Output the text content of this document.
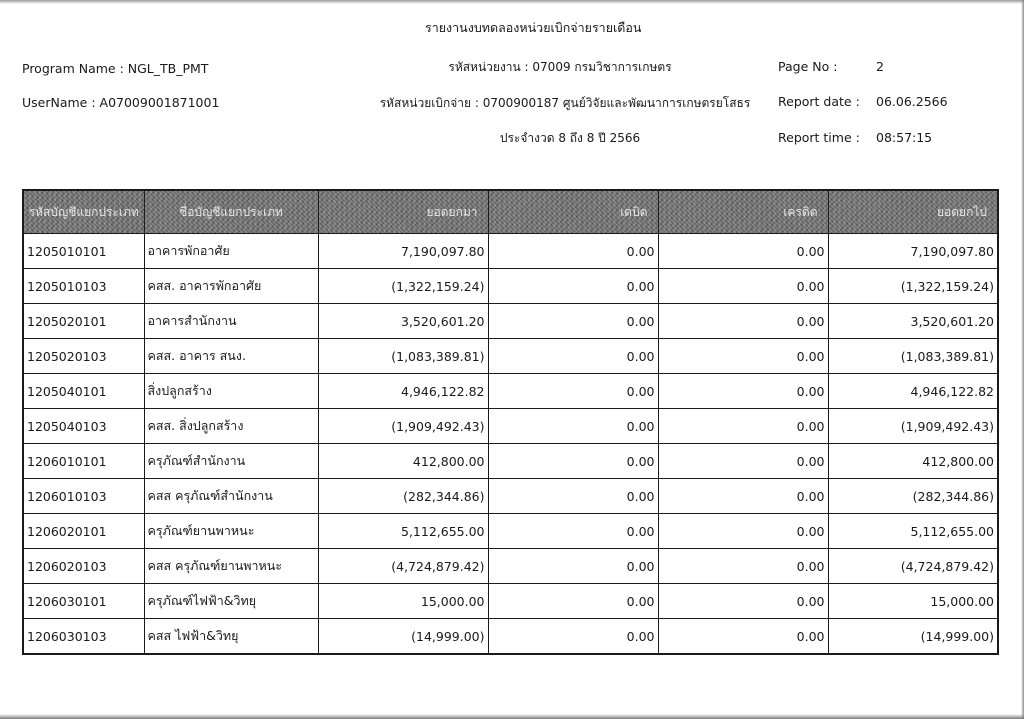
รายงานงบทดลองหน่วยเบิกจ่ายรายเดือน
รหัสหน่วยงาน : 07009 กรมวิชาการเกษตร
รหัสหน่วยเบิกจ่าย : 0700900187 ศูนย์วิจัยและพัฒนาการเกษตรยโสธร
ประจำงวด 8 ถึง 8 ปี 2566
Program Name : NGL_TB_PMT
UserName : A07009001871001
Page No :	2
Report date : 06.06.2566
Report time : 08:57:15
รหัสบัญชีแยกประเภท	ชื่อบัญชีแยกประเภท	ยอดยกมา	เดบิต	เครดิต	ยอดยกไป
1205010101	อาคารพักอาศัย	7,190,097.80	0.00	0.00	7,190,097.80
1205010103	คสส. อาคารพักอาศัย	(1,322,159.24)	0.00	0.00	(1,322,159.24)
1205020101	อาคารสำนักงาน	3,520,601.20	0.00	0.00	3,520,601.20
1205020103	คสส. อาคาร สนง.	(1,083,389.81)	0.00	0.00	(1,083,389.81)
1205040101	สิ่งปลูกสร้าง	4,946,122.82	0.00	0.00	4,946,122.82
1205040103	คสส. สิ่งปลูกสร้าง	(1,909,492.43)	0.00	0.00	(1,909,492.43)
1206010101	ครุภัณฑ์สำนักงาน	412,800.00	0.00	0.00	412,800.00
1206010103	คสส ครุภัณฑ์สำนักงาน	(282,344.86)	0.00	0.00	(282,344.86)
1206020101	ครุภัณฑ์ยานพาหนะ	5,112,655.00	0.00	0.00	5,112,655.00
1206020103	คสส ครุภัณฑ์ยานพาหนะ	(4,724,879.42)	0.00	0.00	(4,724,879.42)
1206030101	ครุภัณฑ์ไฟฟ้า&วิทยุ	15,000.00	0.00	0.00	15,000.00
1206030103	คสส ไฟฟ้า&วิทยุ	(14,999.00)	0.00	0.00	(14,999.00)
